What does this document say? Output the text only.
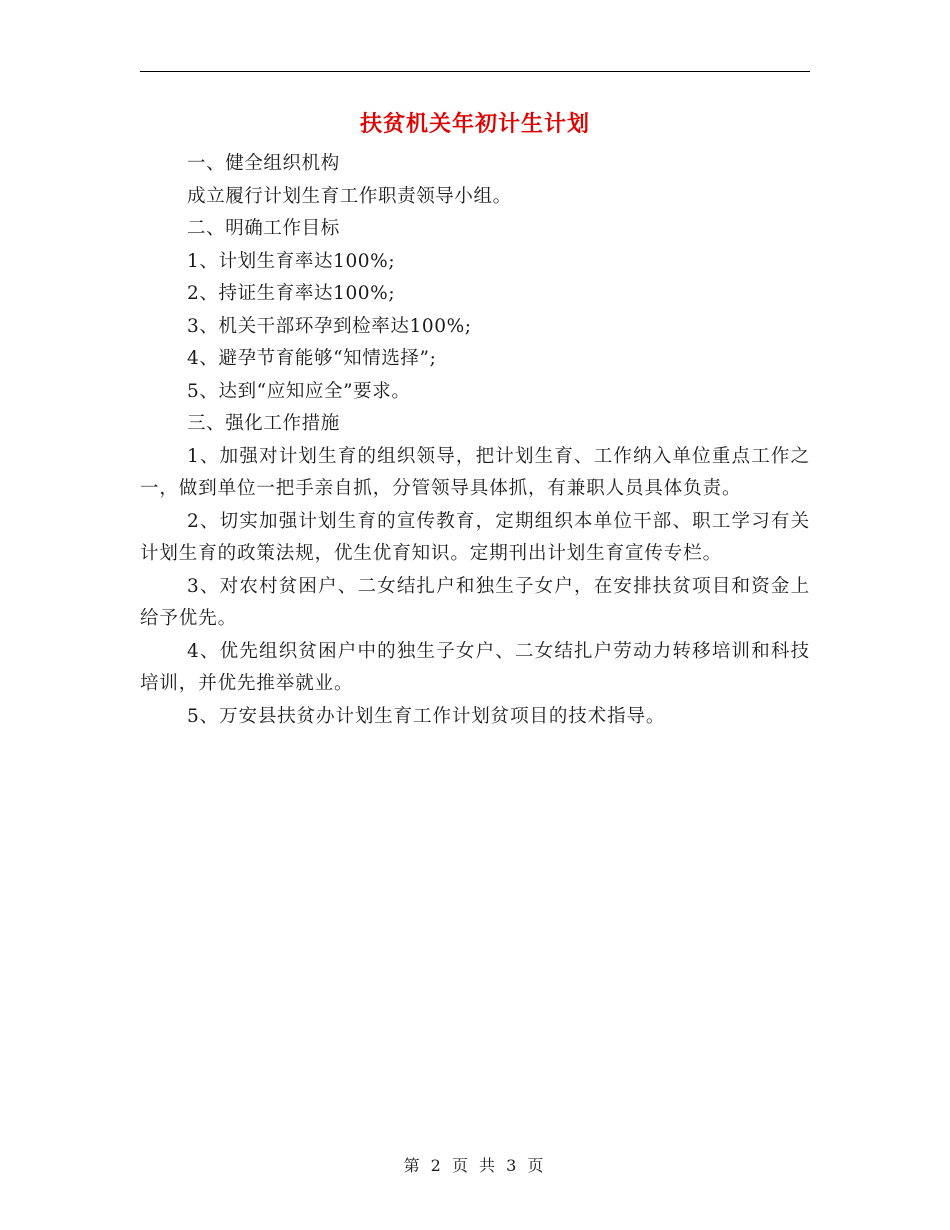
扶贫机关年初计生计划

一、健全组织机构

成立履行计划生育工作职责领导小组。

二、明确工作目标

1、计划生育率达100%;

2、持证生育率达100%;

3、机关干部环孕到检率达100%;

4、避孕节育能够“知情选择”;

5、达到“应知应全”要求。

三、强化工作措施

1、加强对计划生育的组织领导，把计划生育、工作纳入单位重点工作之一，做到单位一把手亲自抓，分管领导具体抓，有兼职人员具体负责。

2、切实加强计划生育的宣传教育，定期组织本单位干部、职工学习有关计划生育的政策法规，优生优育知识。定期刊出计划生育宣传专栏。

3、对农村贫困户、二女结扎户和独生子女户，在安排扶贫项目和资金上给予优先。

4、优先组织贫困户中的独生子女户、二女结扎户劳动力转移培训和科技培训，并优先推举就业。

5、万安县扶贫办计划生育工作计划贫项目的技术指导。

第 2 页 共 3 页
